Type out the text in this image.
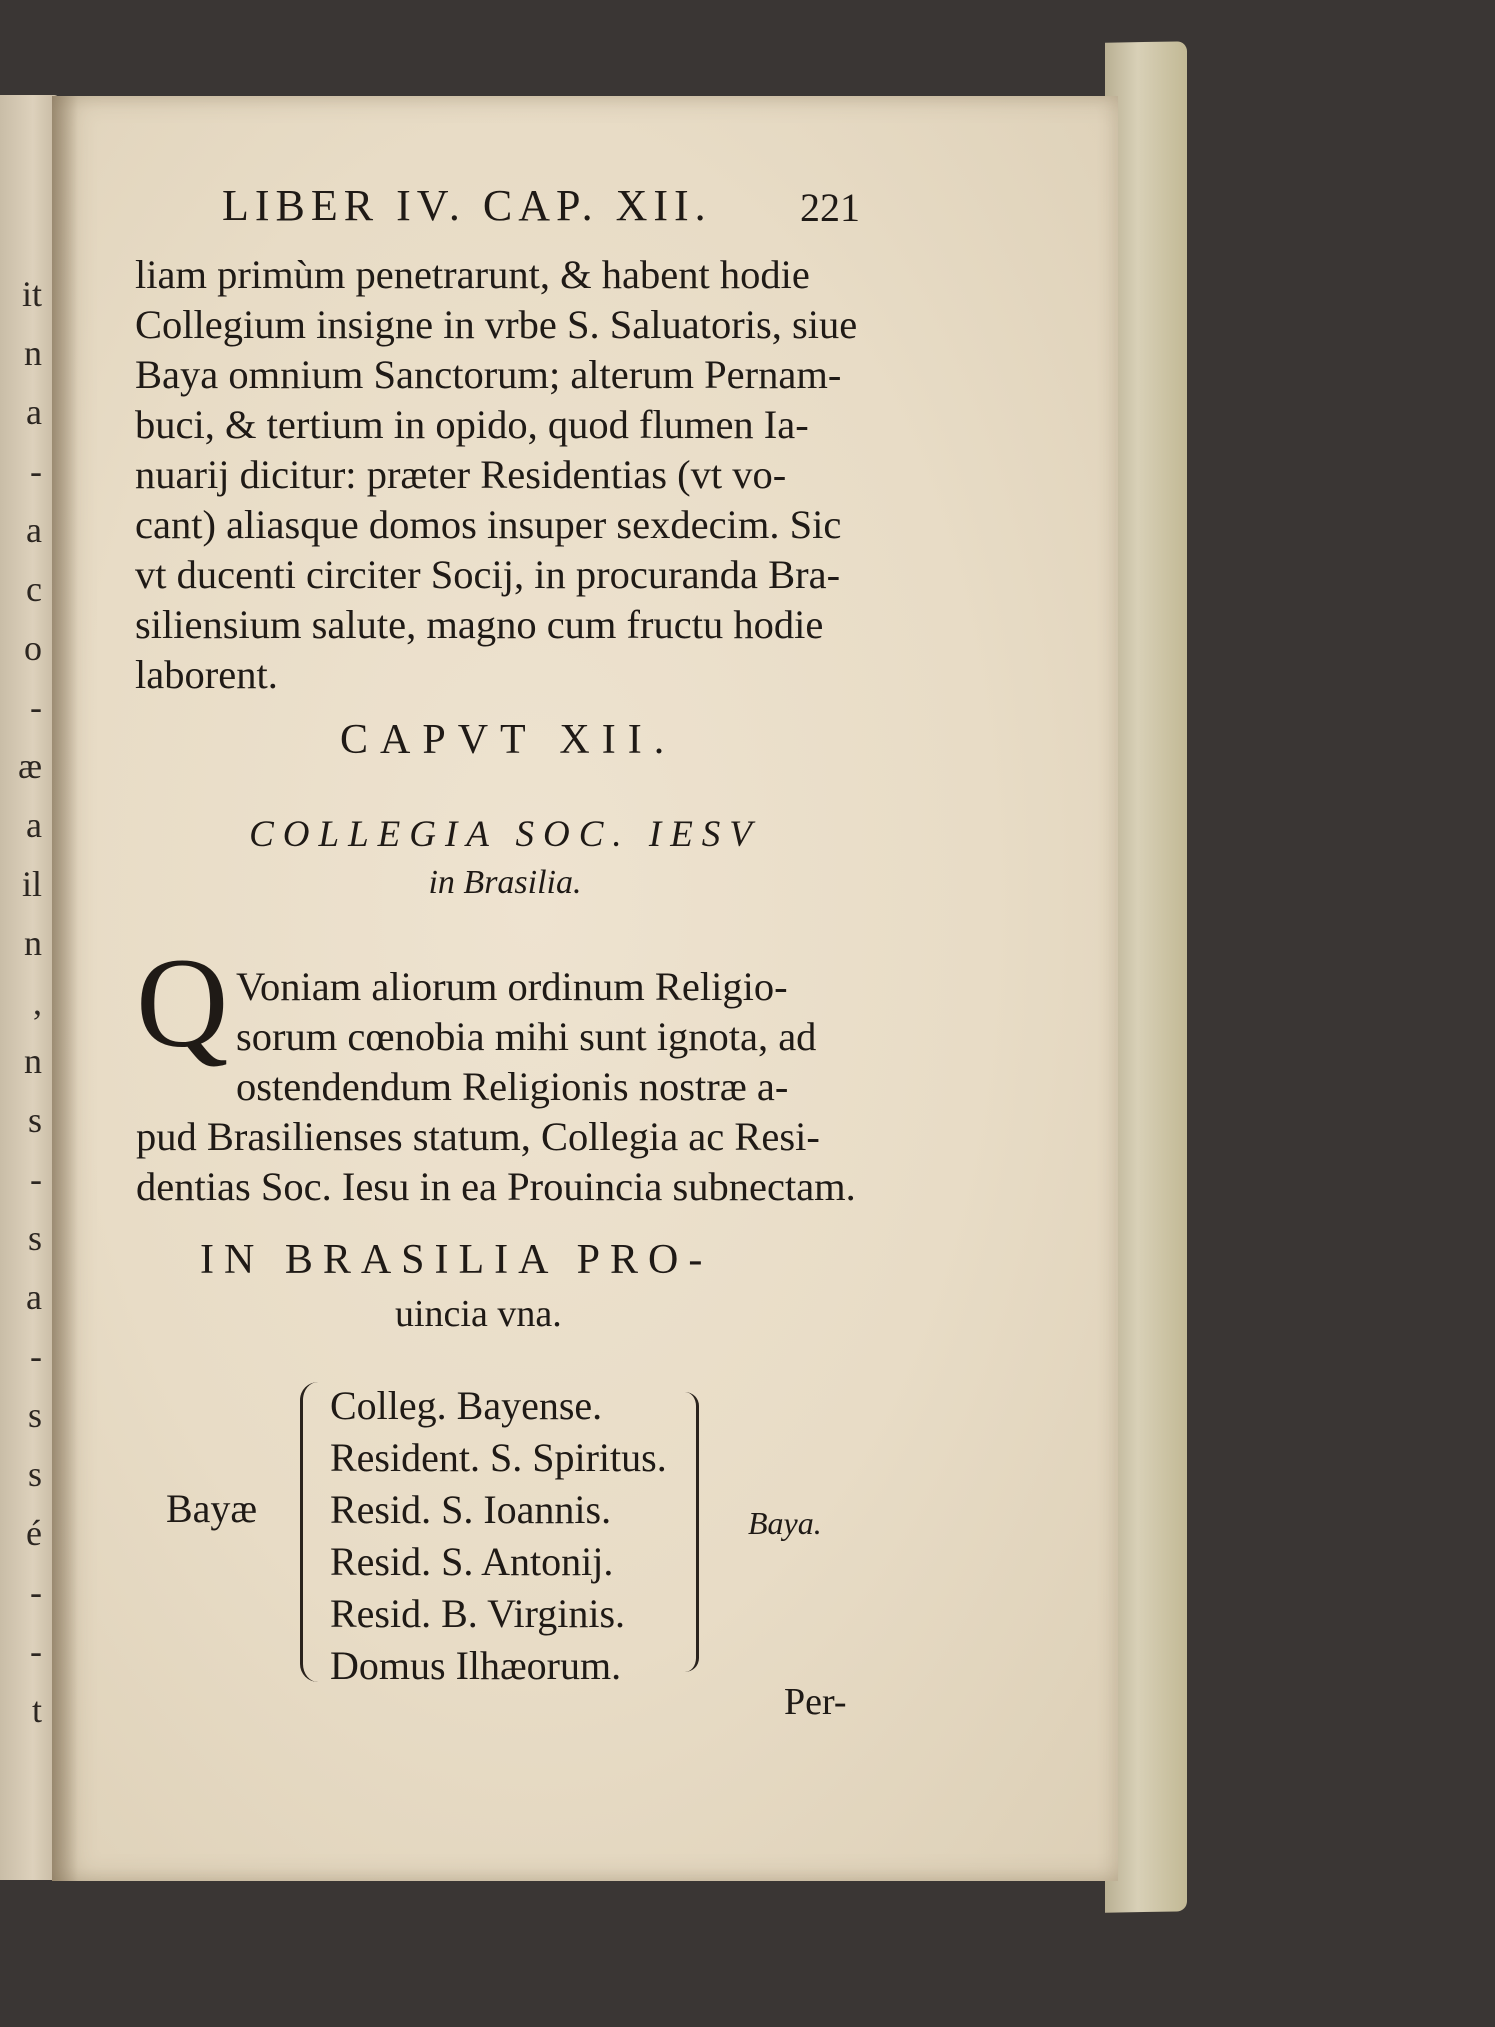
it
n
a
-
a
c
o
-
æ
a
il
n
,
n
s
-
s
a
-
s
s
é
-
-
t
LIBER IV. CAP. XII.	221
liam primùm penetrarunt, & habent hodie
Collegium insigne in vrbe S. Saluatoris, siue
Baya omnium Sanctorum; alterum Pernam-
buci, & tertium in opido, quod flumen Ia-
nuarij dicitur: præter Residentias (vt vo-
cant) aliasque domos insuper sexdecim. Sic
vt ducenti circiter Socij, in procuranda Bra-
siliensium salute, magno cum fructu hodie
laborent.
CAPVT XII.
COLLEGIA SOC. IESV
in Brasilia.
Q Voniam aliorum ordinum Religio-
sorum cœnobia mihi sunt ignota, ad
ostendendum Religionis nostræ a-
pud Brasilienses statum, Collegia ac Resi-
dentias Soc. Iesu in ea Prouincia subnectam.
IN BRASILIA PRO-
uincia vna.
Bayæ
Colleg. Bayense.
Resident. S. Spiritus.
Resid. S. Ioannis.
Resid. S. Antonij.
Resid. B. Virginis.
Domus Ilhæorum.
Baya.
Per-
